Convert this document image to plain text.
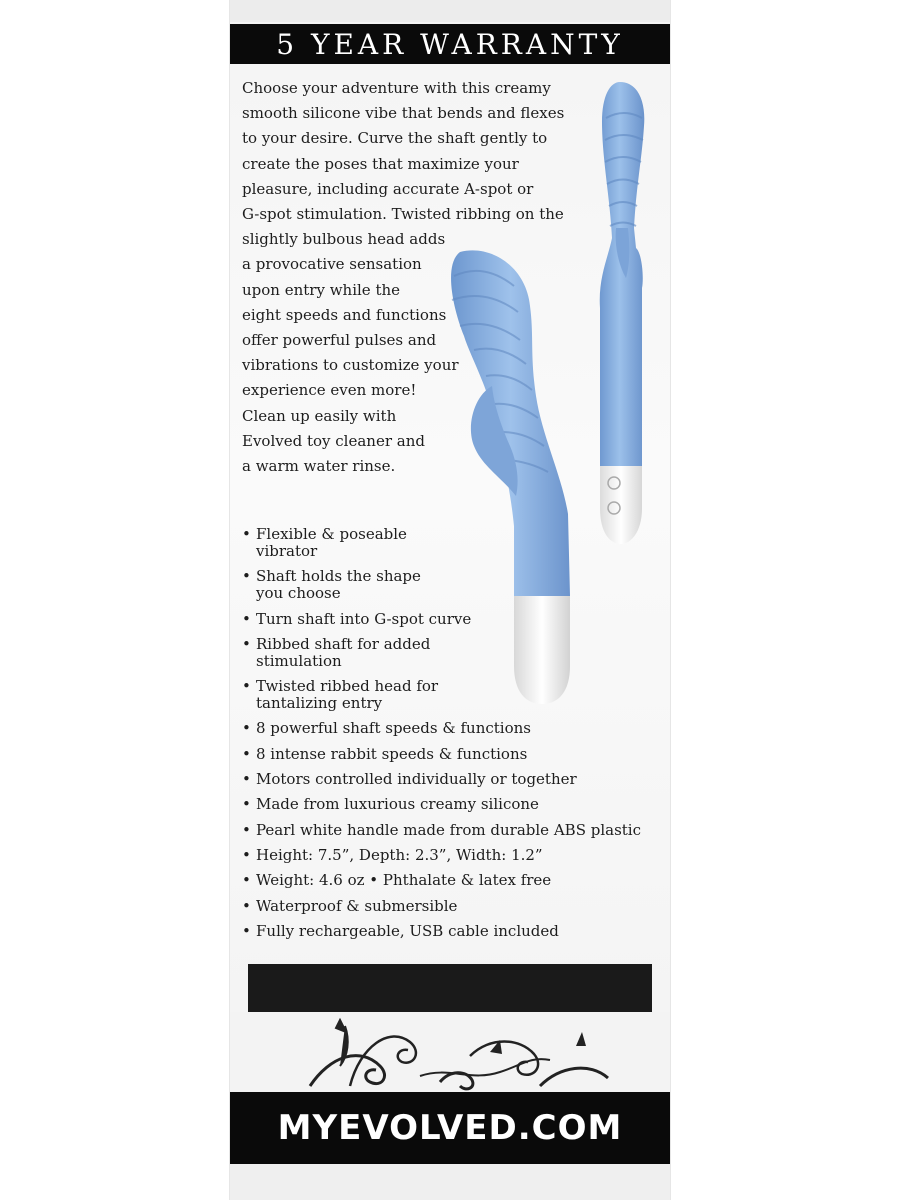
5 YEAR WARRANTY

Choose your adventure with this creamy

smooth silicone vibe that bends and flexes

to your desire. Curve the shaft gently to

create the poses that maximize your

pleasure, including accurate A-spot or

G-spot stimulation. Twisted ribbing on the

slightly bulbous head adds

a provocative sensation

upon entry while the

eight speeds and functions

offer powerful pulses and

vibrations to customize your

experience even more!

Clean up easily with

Evolved toy cleaner and

a warm water rinse.

• Flexible & poseable
vibrator
• Shaft holds the shape
you choose
• Turn shaft into G-spot curve
• Ribbed shaft for added
stimulation
• Twisted ribbed head for
tantalizing entry
• 8 powerful shaft speeds & functions
• 8 intense rabbit speeds & functions
• Motors controlled individually or together
• Made from luxurious creamy silicone
• Pearl white handle made from durable ABS plastic
• Height: 7.5”, Depth: 2.3”, Width: 1.2”
• Weight: 4.6 oz • Phthalate & latex free
• Waterproof & submersible
• Fully rechargeable, USB cable included
MYEVOLVED.COM
